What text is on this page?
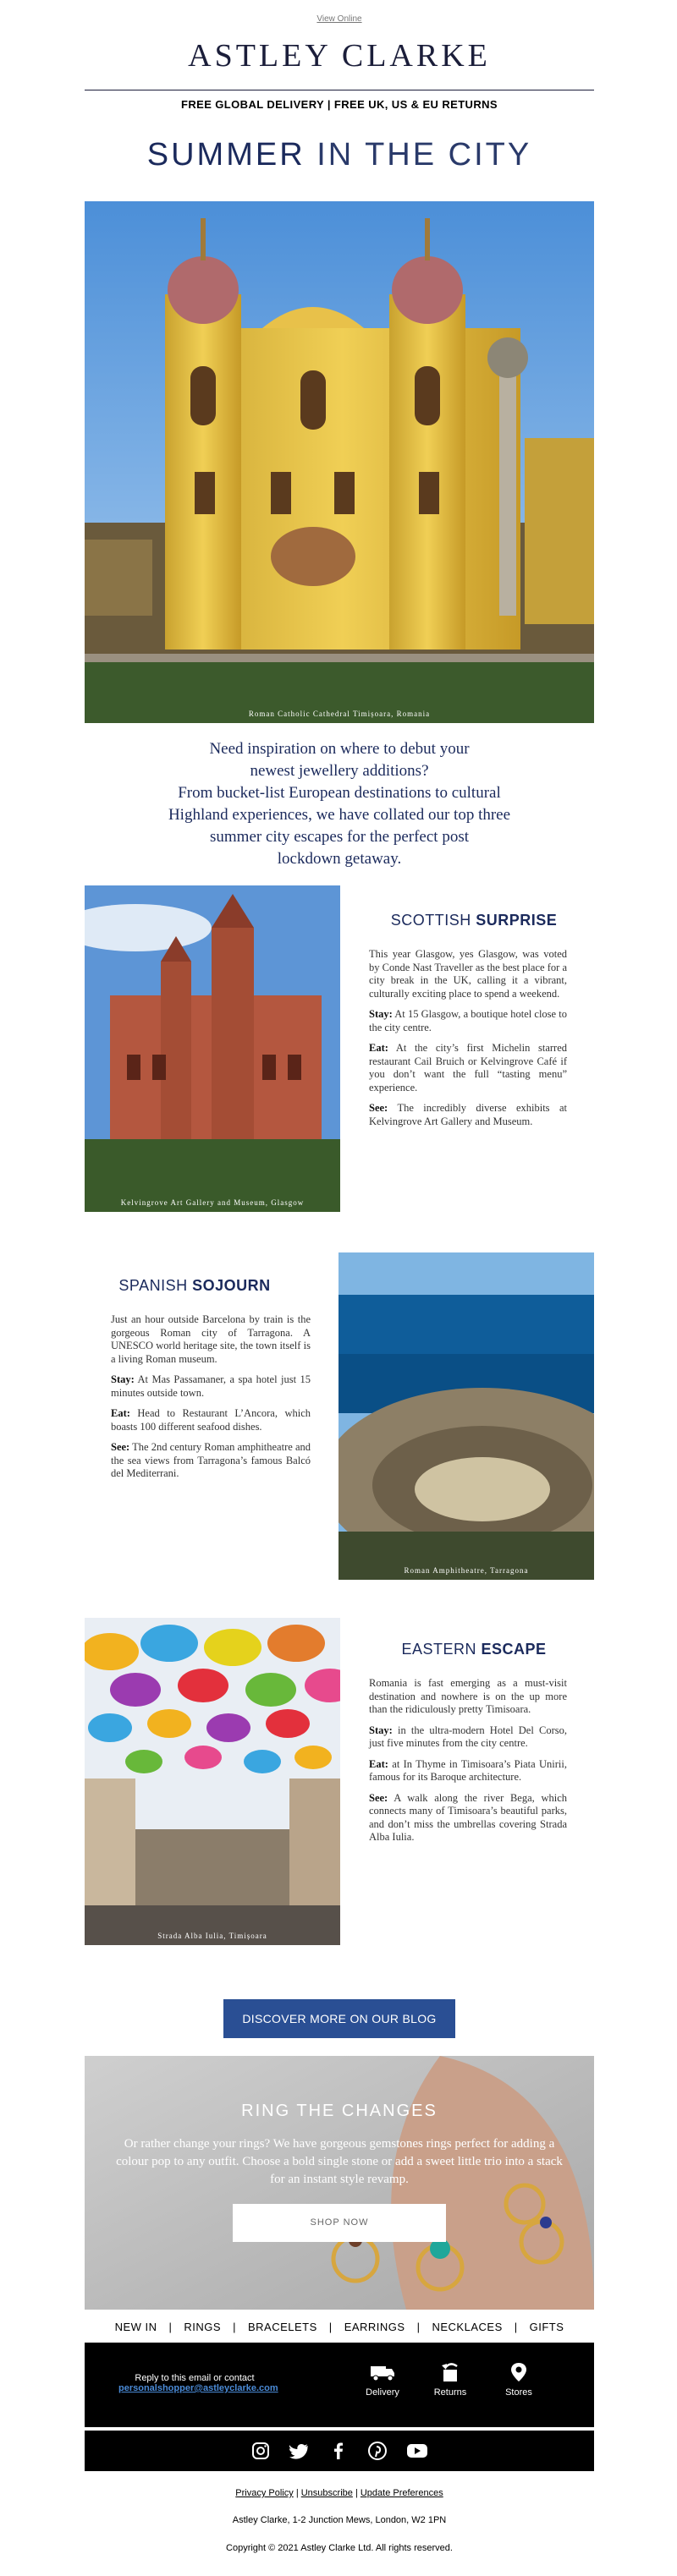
View Online
ASTLEY CLARKE
FREE GLOBAL DELIVERY | FREE UK, US & EU RETURNS
SUMMER IN THE CITY
Roman Catholic Cathedral Timișoara, Romania
Need inspiration on where to debut your
newest jewellery additions?
From bucket-list European destinations to cultural
Highland experiences, we have collated our top three
summer city escapes for the perfect post
lockdown getaway.
Kelvingrove Art Gallery and Museum, Glasgow
SCOTTISH SURPRISE

This year Glasgow, yes Glasgow, was voted by Conde Nast Traveller as the best place for a city break in the UK, calling it a vibrant, culturally exciting place to spend a weekend.

Stay: At 15 Glasgow, a boutique hotel close to the city centre.

Eat: At the city’s first Michelin starred restaurant Cail Bruich or Kelvingrove Café if you don’t want the full “tasting menu” experience.

See: The incredibly diverse exhibits at Kelvingrove Art Gallery and Museum.

SPANISH SOJOURN

Just an hour outside Barcelona by train is the gorgeous Roman city of Tarragona. A UNESCO world heritage site, the town itself is a living Roman museum.

Stay: At Mas Passamaner, a spa hotel just 15 minutes outside town.

Eat: Head to Restaurant L’Ancora, which boasts 100 different seafood dishes.

See: The 2nd century Roman amphitheatre and the sea views from Tarragona’s famous Balcó del Mediterrani.

Roman Amphitheatre, Tarragona
Strada Alba Iulia, Timișoara
EASTERN ESCAPE

Romania is fast emerging as a must-visit destination and nowhere is on the up more than the ridiculously pretty Timisoara.

Stay: in the ultra-modern Hotel Del Corso, just five minutes from the city centre.

Eat: at In Thyme in Timisoara’s Piata Unirii, famous for its Baroque architecture.

See: A walk along the river Bega, which connects many of Timisoara’s beautiful parks, and don’t miss the umbrellas covering Strada Alba Iulia.

DISCOVER MORE ON OUR BLOG
RING THE CHANGES
Or rather change your rings? We have gorgeous gemstones rings perfect for adding a colour pop to any outfit. Choose a bold single stone or add a sweet little trio into a stack for an instant style revamp.
SHOP NOW
NEW IN | RINGS | BRACELETS | EARRINGS | NECKLACES | GIFTS
Reply to this email or contact
personalshopper@astleyclarke.com	Delivery	Returns	Stores
Privacy Policy | Unsubscribe | Update Preferences
Astley Clarke, 1-2 Junction Mews, London, W2 1PN
Copyright © 2021 Astley Clarke Ltd. All rights reserved.
